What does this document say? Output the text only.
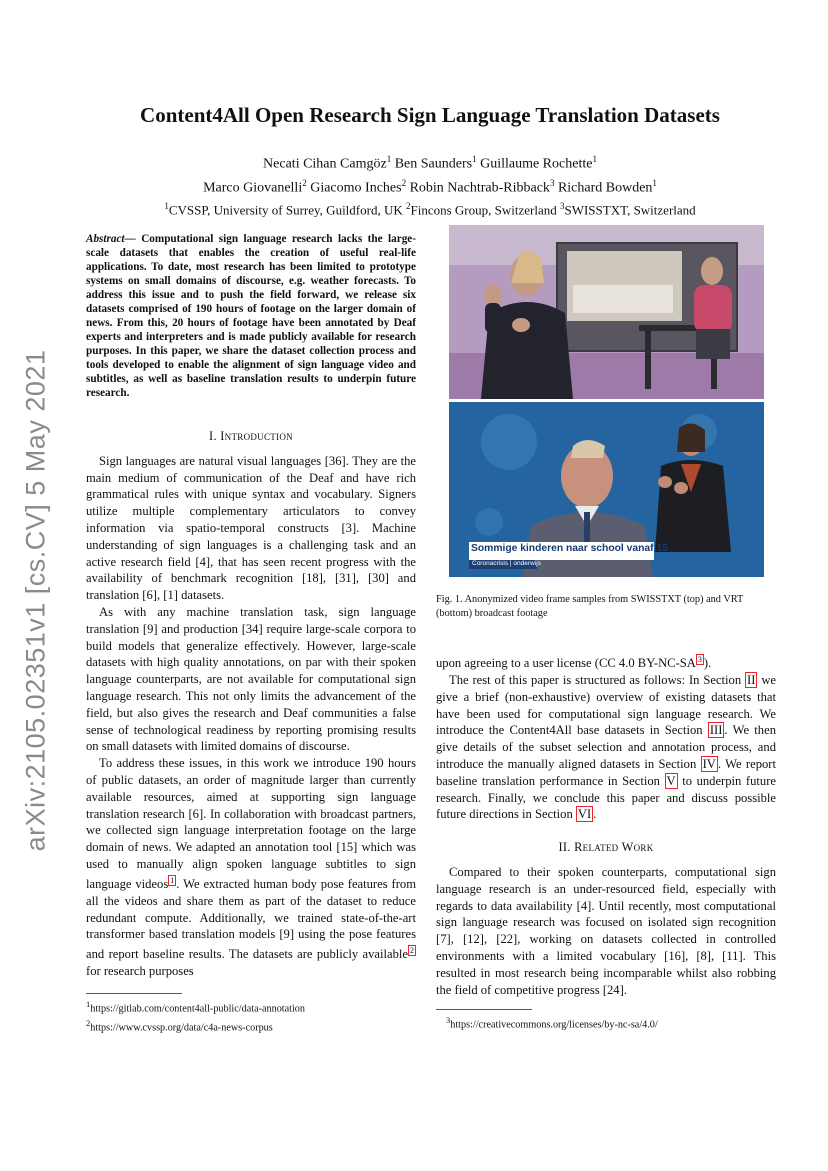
arXiv:2105.02351v1 [cs.CV] 5 May 2021
Content4All Open Research Sign Language Translation Datasets
Necati Cihan Camgöz$^1$ Ben Saunders$^1$ Guillaume Rochette$^1$
Marco Giovanelli$^2$ Giacomo Inches$^2$ Robin Nachtrab-Ribback$^3$ Richard Bowden$^1$
$^1$CVSSP, University of Surrey, Guildford, UK $^2$Fincons Group, Switzerland $^3$SWISSTXT, Switzerland

Abstract— Computational sign language research lacks the large-scale datasets that enables the creation of useful real-life applications. To date, most research has been limited to prototype systems on small domains of discourse, e.g. weather forecasts. To address this issue and to push the field forward, we release six datasets comprised of 190 hours of footage on the larger domain of news. From this, 20 hours of footage have been annotated by Deaf experts and interpreters and is made publicly available for research purposes. In this paper, we share the dataset collection process and tools developed to enable the alignment of sign language video and subtitles, as well as baseline translation results to underpin future research.

I. Introduction

Sign languages are natural visual languages [36]. They are the main medium of communication of the Deaf and have rich grammatical rules with unique syntax and vocabulary. Signers utilize multiple complementary articulators to convey information via spatio-temporal constructs [3]. Machine understanding of sign languages is a challenging task and an active research field [4], that has seen recent progress with the availability of benchmark recognition [18], [31], [30] and translation [6], [1] datasets.

As with any machine translation task, sign language translation [9] and production [34] require large-scale corpora to build models that generalize effectively. However, large-scale datasets with high quality annotations, on par with their spoken language counterparts, are not available for computational sign language research. This not only limits the advancement of the field, but also gives the research and Deaf communities a false sense of technological readiness by reporting promising results on small datasets with limited domains of discourse.

To address these issues, in this work we introduce 190 hours of public datasets, an order of magnitude larger than currently available resources, aimed at supporting sign language translation research [6]. In collaboration with broadcast partners, we collected sign language interpretation footage on the large domain of news. We adapted an annotation tool [15] which was used to manually align spoken language subtitles to sign language videos $^1$ . We extracted human body pose features from all the videos and share them as part of the dataset to reduce redundant compute. Additionally, we trained state-of-the-art transformer based translation models [9] using the pose features and report baseline results. The datasets are publicly available $^2$ for research purposes

$^1$https://gitlab.com/content4all-public/data-annotation
$^2$https://www.cvssp.org/data/c4a-news-corpus
Sommige kinderen naar school vanaf 15
Coronacrisis | onderwijs
Fig. 1. Anonymized video frame samples from SWISSTXT (top) and VRT (bottom) broadcast footage

upon agreeing to a user license (CC 4.0 BY-NC-SA $^3$ ).

The rest of this paper is structured as follows: In Section II we give a brief (non-exhaustive) overview of existing datasets that have been used for computational sign language research. We introduce the Content4All base datasets in Section III . We then give details of the subset selection and annotation process, and introduce the manually aligned datasets in Section IV . We report baseline translation performance in Section V to underpin future research. Finally, we conclude this paper and discuss possible future directions in Section VI .

II. Related Work

Compared to their spoken counterparts, computational sign language research is an under-resourced field, especially with regards to data availability [4]. Until recently, most computational sign language research was focused on isolated sign recognition [7], [12], [22], working on datasets collected in controlled environments with a limited vocabulary [16], [8], [11]. This resulted in most research being incomparable whilst also robbing the field of competitive progress [24].

$^3$https://creativecommons.org/licenses/by-nc-sa/4.0/
